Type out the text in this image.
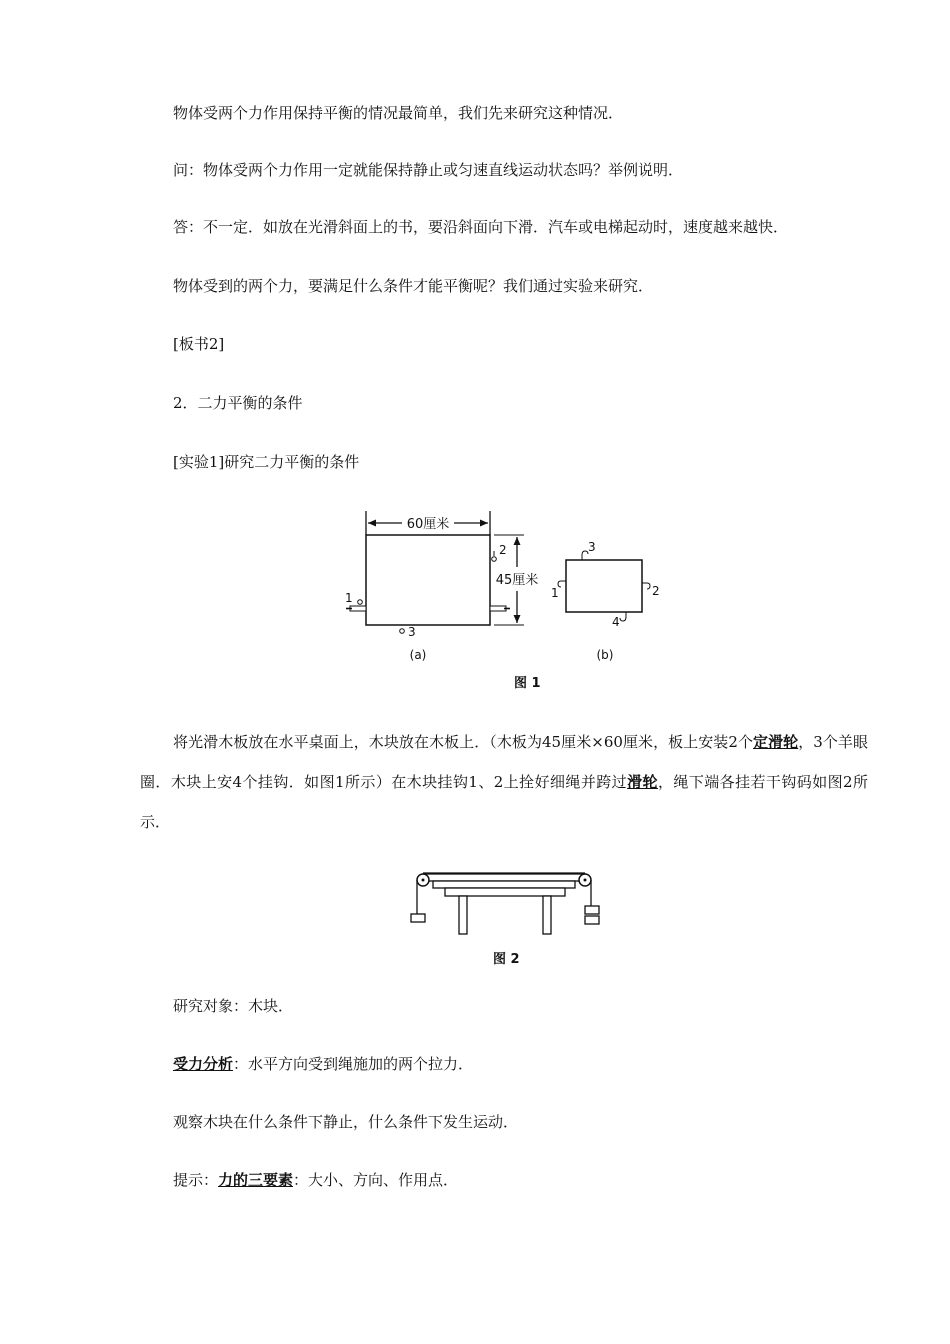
物体受两个力作用保持平衡的情况最简单，我们先来研究这种情况．
问：物体受两个力作用一定就能保持静止或匀速直线运动状态吗？举例说明．
答：不一定．如放在光滑斜面上的书，要沿斜面向下滑．汽车或电梯起动时，速度越来越快．
物体受到的两个力，要满足什么条件才能平衡呢？我们通过实验来研究．
[板书2]
2．二力平衡的条件
[实验1]研究二力平衡的条件
60厘米
45厘米
2
1
3
(a)
3
1	2
4
(b)
图 1
将光滑木板放在水平桌面上，木块放在木板上．（木板为45厘米×60厘米，板上安装2个定滑轮，3个羊眼圈．木块上安4个挂钩．如图1所示）在木块挂钩1、2上拴好细绳并跨过滑轮，绳下端各挂若干钩码如图2所示．
图 2
研究对象：木块．
受力分析：水平方向受到绳施加的两个拉力．
观察木块在什么条件下静止，什么条件下发生运动．
提示：力的三要素：大小、方向、作用点．
